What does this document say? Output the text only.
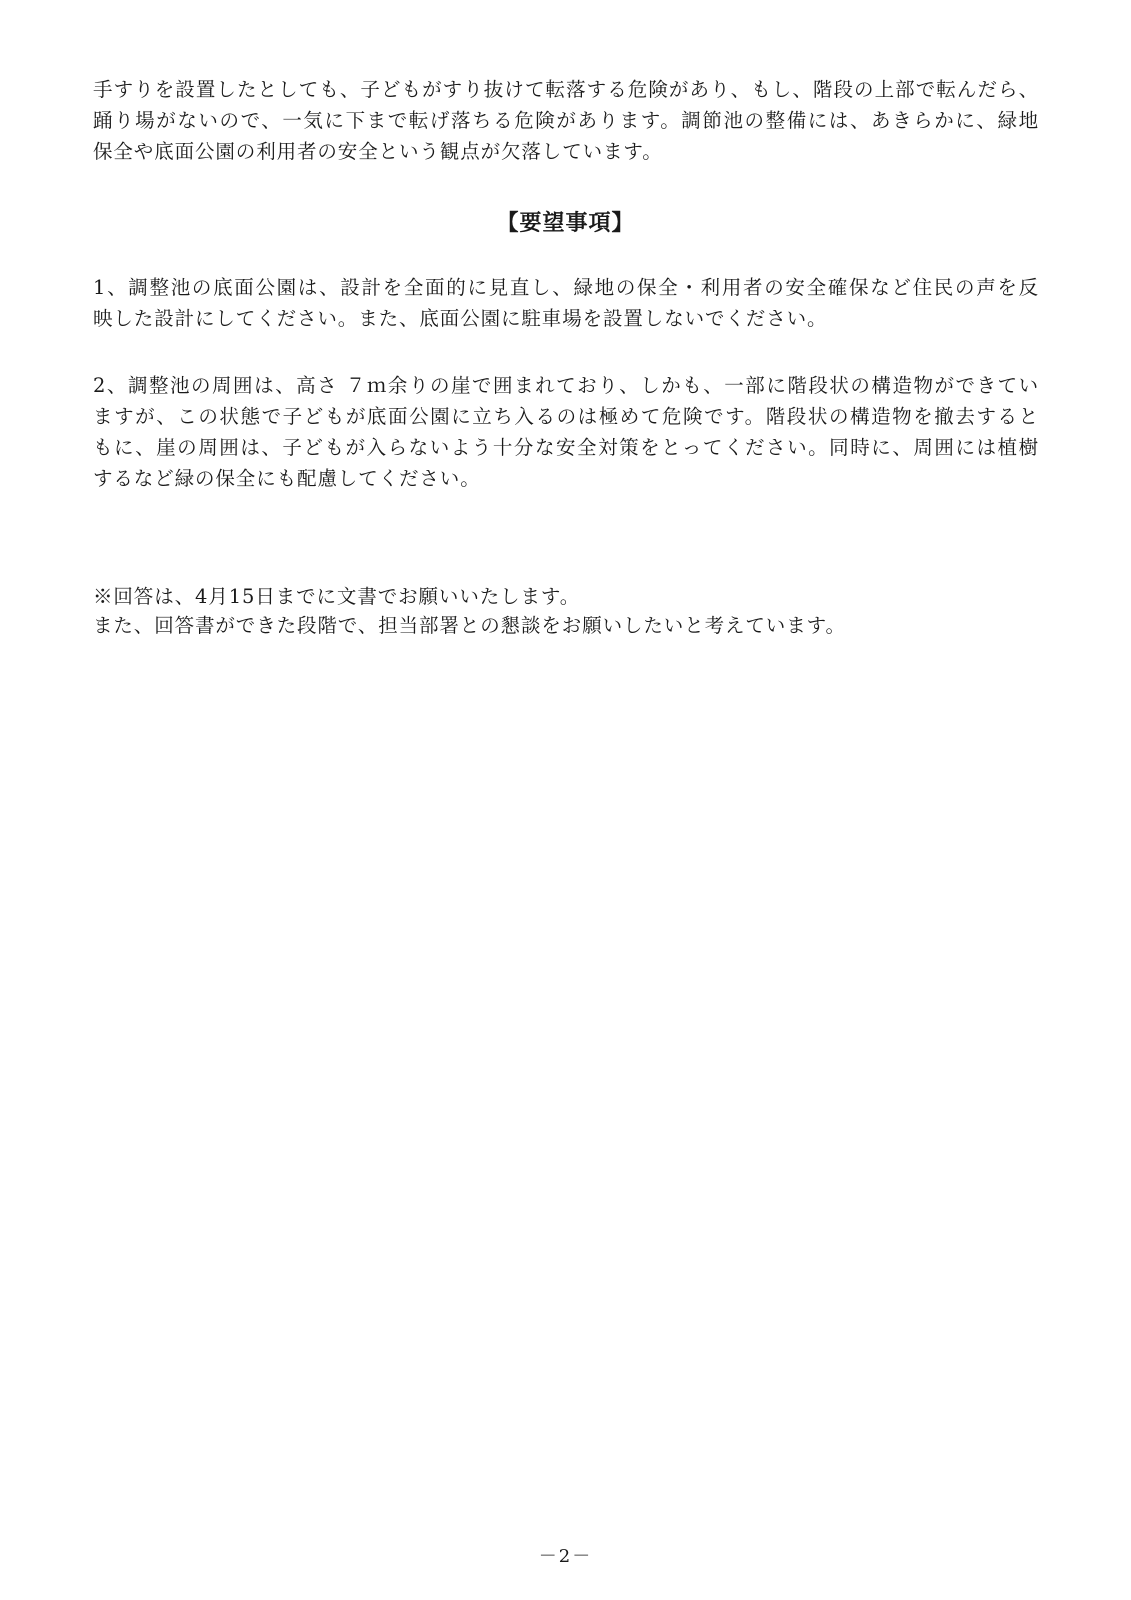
手すりを設置したとしても、子どもがすり抜けて転落する危険があり、もし、階段の上部で転んだら、
踊り場がないので、一気に下まで転げ落ちる危険があります。調節池の整備には、あきらかに、緑地
保全や底面公園の利用者の安全という観点が欠落しています。
【要望事項】
1、調整池の底面公園は、設計を全面的に見直し、緑地の保全・利用者の安全確保など住民の声を反
映した設計にしてください。また、底面公園に駐車場を設置しないでください。
2、調整池の周囲は、高さ ７ｍ余りの崖で囲まれており、しかも、一部に階段状の構造物ができてい
ますが、この状態で子どもが底面公園に立ち入るのは極めて危険です。階段状の構造物を撤去すると
もに、崖の周囲は、子どもが入らないよう十分な安全対策をとってください。同時に、周囲には植樹
するなど緑の保全にも配慮してください。
※回答は、4月15日までに文書でお願いいたします。
また、回答書ができた段階で、担当部署との懇談をお願いしたいと考えています。
－2－
